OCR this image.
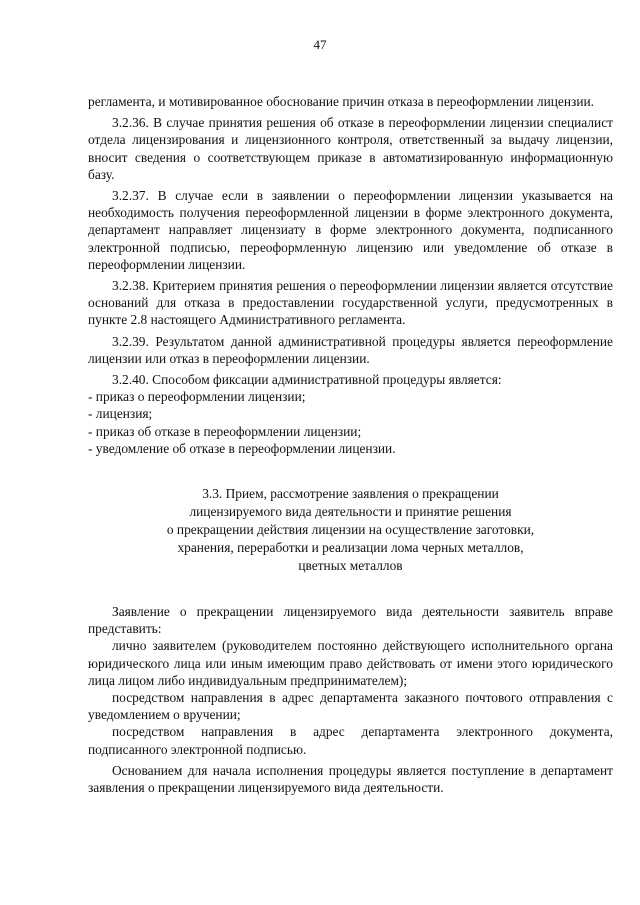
47

регламента, и мотивированное обоснование причин отказа в переоформлении лицензии.

3.2.36. В случае принятия решения об отказе в переоформлении лицензии специалист отдела лицензирования и лицензионного контроля, ответственный за выдачу лицензии, вносит сведения о соответствующем приказе в автоматизированную информационную базу.

3.2.37. В случае если в заявлении о переоформлении лицензии указывается на необходимость получения переоформленной лицензии в форме электронного документа, департамент направляет лицензиату в форме электронного документа, подписанного электронной подписью, переоформленную лицензию или уведомление об отказе в переоформлении лицензии.

3.2.38. Критерием принятия решения о переоформлении лицензии является отсутствие оснований для отказа в предоставлении государственной услуги, предусмотренных в пункте 2.8 настоящего Административного регламента.

3.2.39. Результатом данной административной процедуры является переоформление лицензии или отказ в переоформлении лицензии.

3.2.40. Способом фиксации административной процедуры является:

- приказ о переоформлении лицензии;

- лицензия;

- приказ об отказе в переоформлении лицензии;

- уведомление об отказе в переоформлении лицензии.

3.3. Прием, рассмотрение заявления о прекращении
лицензируемого вида деятельности и принятие решения
о прекращении действия лицензии на осуществление заготовки,
хранения, переработки и реализации лома черных металлов,
цветных металлов

Заявление о прекращении лицензируемого вида деятельности заявитель вправе представить:

лично заявителем (руководителем постоянно действующего исполнительного органа юридического лица или иным имеющим право действовать от имени этого юридического лица лицом либо индивидуальным предпринимателем);

посредством направления в адрес департамента заказного почтового отправления с уведомлением о вручении;

посредством направления в адрес департамента электронного документа, подписанного электронной подписью.

Основанием для начала исполнения процедуры является поступление в департамент заявления о прекращении лицензируемого вида деятельности.
